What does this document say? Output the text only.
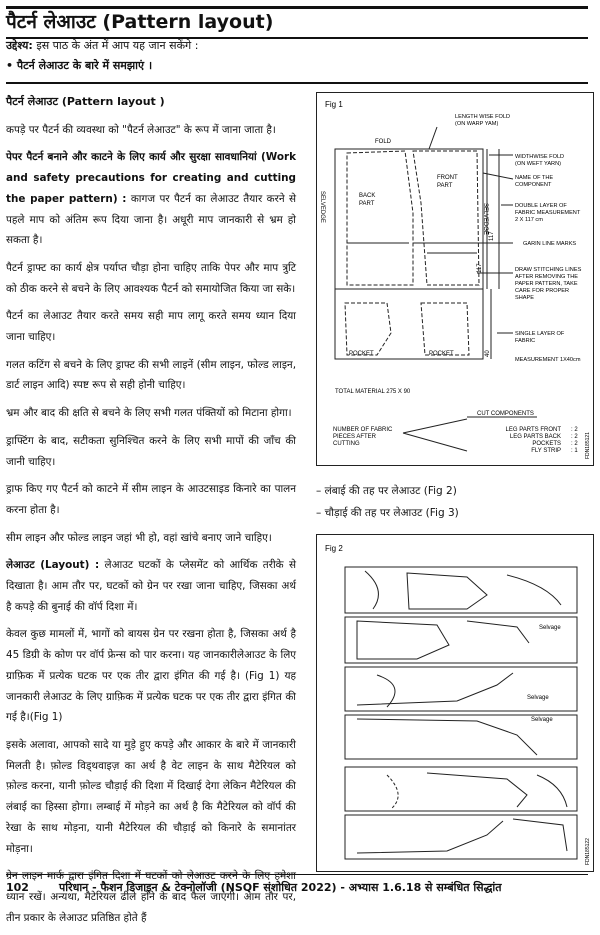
पैटर्न लेआउट (Pattern layout)
उद्देश्य: इस पाठ के अंत में आप यह जान सकेंगे :
• पैटर्न लेआउट के बारे में समझाएं ।

पैटर्न लेआउट (Pattern layout )

कपड़े पर पैटर्न की व्यवस्था को "पैटर्न लेआउट" के रूप में जाना जाता है।

पेपर पैटर्न बनाने और काटने के लिए कार्य और सुरक्षा सावधानियां (Work and safety precautions for creating and cutting the paper pattern) : कागज पर पैटर्न का लेआउट तैयार करने से पहले माप को अंतिम रूप दिया जाना है। अधूरी माप जानकारी से भ्रम हो सकता है।

पैटर्न ड्राफ्ट का कार्य क्षेत्र पर्याप्त चौड़ा होना चाहिए ताकि पेपर और माप त्रुटि को ठीक करने से बचने के लिए आवश्यक पैटर्न को समायोजित किया जा सके।

पैटर्न का लेआउट तैयार करते समय सही माप लागू करते समय ध्यान दिया जाना चाहिए।

गलत कटिंग से बचने के लिए ड्राफ्ट की सभी लाइनें (सीम लाइन, फोल्ड लाइन, डार्ट लाइन आदि) स्पष्ट रूप से सही होनी चाहिए।

भ्रम और बाद की क्षति से बचने के लिए सभी गलत पंक्तियों को मिटाना होगा।

ड्राफ्टिंग के बाद, सटीकता सुनिश्चित करने के लिए सभी मापों की जाँच की जानी चाहिए।

ड्राफ किए गए पैटर्न को काटने में सीम लाइन के आउटसाइड किनारे का पालन करना होता है।

सीम लाइन और फोल्ड लाइन जहां भी हो, वहां खांचे बनाए जाने चाहिए।

लेआउट (Layout) : लेआउट घटकों के प्लेसमेंट को आर्थिक तरीके से दिखाता है। आम तौर पर, घटकों को ग्रेन पर रखा जाना चाहिए, जिसका अर्थ है कपड़े की बुनाई की वॉर्प दिशा में।

केवल कुछ मामलों में, भागों को बायस ग्रेन पर रखना होता है, जिसका अर्थ है 45 डिग्री के कोण पर वॉर्प फ्रेन्स को पार करना। यह जानकारीलेआउट के लिए ग्राफ़िक में प्रत्येक घटक पर एक तीर द्वारा इंगित की गई है। (Fig 1) यह जानकारी लेआउट के लिए ग्राफ़िक में प्रत्येक घटक पर एक तीर द्वारा इंगित की गई है।(Fig 1)

इसके अलावा, आपको सादे या मुड़े हुए कपड़े और आकार के बारे में जानकारी मिलती है। फ़ोल्ड विड्थवाइज़ का अर्थ है वेट लाइन के साथ मैटेरियल को फ़ोल्ड करना, यानी फ़ोल्ड चौड़ाई की दिशा में दिखाई देगा लेकिन मैटेरियल की लंबाई का हिस्सा होगा। लम्बाई में मोड़ने का अर्थ है कि मैटेरियल को वॉर्प की रेखा के साथ मोड़ना, यानी मैटेरियल की चौड़ाई को किनारे के समानांतर मोड़ना।

ग्रेन लाइन मार्क द्वारा इंगित दिशा में घटकों को लेआउट करने के लिए हमेशा ध्यान रखें। अन्यथा, मैटेरियल ढीले होने के बाद फैल जाएगी। आम तौर पर, तीन प्रकार के लेआउट प्रतिष्ठित होते हैं

Fig 1
FOLD
BACK
PART
FRONT
PART
SELVEDGE	SELVEDGE
117
117
40
POCKET	POCKET
LENGTH WISE FOLD
(ON WARP YAM)
WIDTHWISE FOLD
(ON WEFT YARN)
NAME OF THE
COMPONENT
DOUBLE LAYER OF
FABRIC MEASUREMENT
2 X 117 cm
GARIN LINE MARKS
DRAW STITCHING LINES
AFTER REMOVING THE
PAPER PATTERN, TAKE
CARE FOR PROPER
SHAPE
SINGLE LAYER OF
FABRIC
MEASUREMENT 1X40cm
TOTAL MATERIAL 275 X 90
CUT COMPONENTS
NUMBER OF FABRIC
PIECES AFTER
CUTTING
LEG PARTS FRONT : 2
LEG PARTS BACK : 2
POCKETS : 2
FLY STRIP : 1 FDN185121
– लंबाई की तह पर लेआउट (Fig 2)
– चौड़ाई की तह पर लेआउट (Fig 3)
Fig 2
Selvage
Selvage
Selvage
FDN185122
102	परिधान - फैशन डिजाइन & टेक्नोलॉजी (NSQF संशोधित 2022) - अभ्यास 1.6.18 से सम्बंधित सिद्धांत
